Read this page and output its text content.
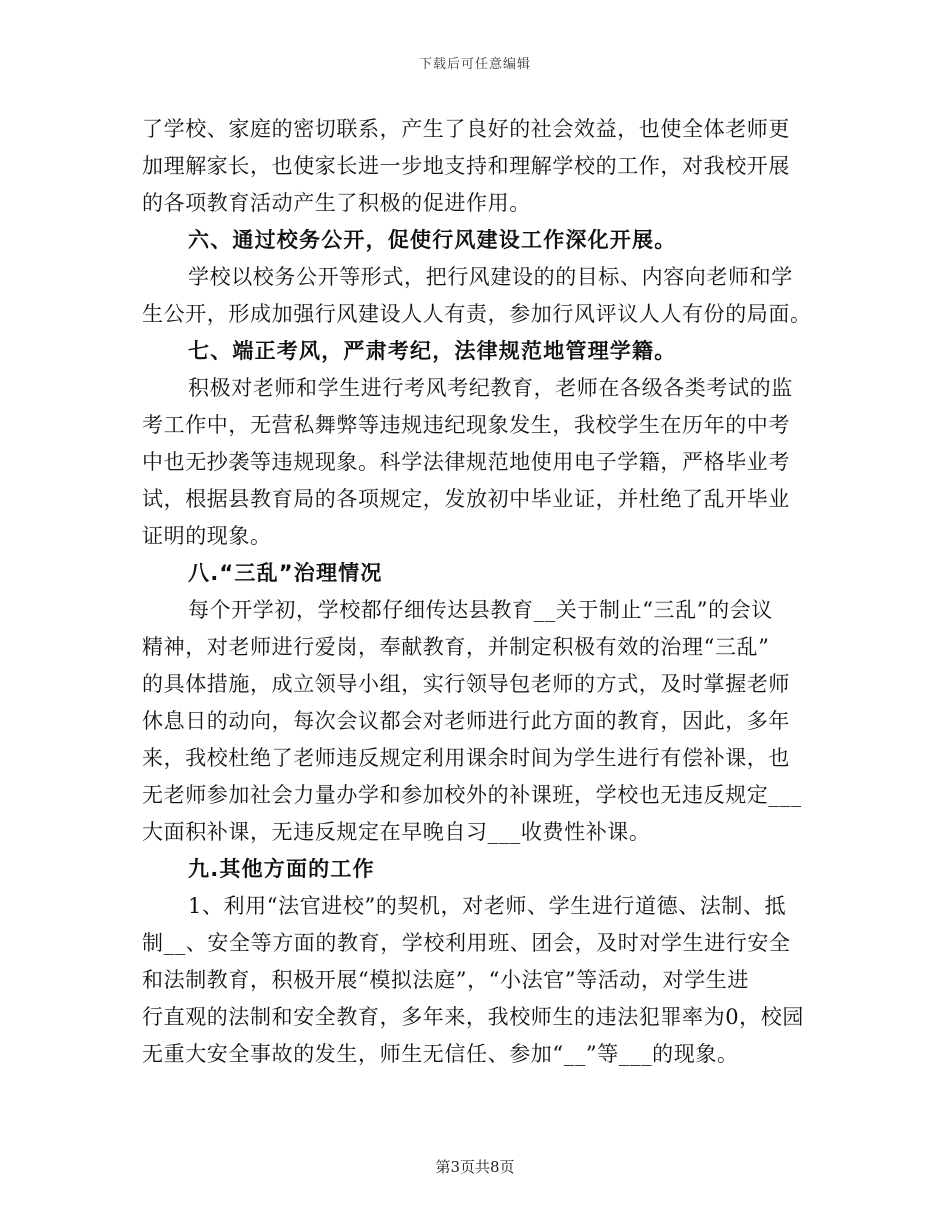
下载后可任意编辑
了学校、家庭的密切联系，产生了良好的社会效益，也使全体老师更
加理解家长，也使家长进一步地支持和理解学校的工作，对我校开展
的各项教育活动产生了积极的促进作用。
六、通过校务公开，促使行风建设工作深化开展。
学校以校务公开等形式，把行风建设的的目标、内容向老师和学
生公开，形成加强行风建设人人有责，参加行风评议人人有份的局面。
七、端正考风，严肃考纪，法律规范地管理学籍。
积极对老师和学生进行考风考纪教育，老师在各级各类考试的监
考工作中，无营私舞弊等违规违纪现象发生，我校学生在历年的中考
中也无抄袭等违规现象。科学法律规范地使用电子学籍，严格毕业考
试，根据县教育局的各项规定，发放初中毕业证，并杜绝了乱开毕业
证明的现象。
八.“三乱”治理情况
每个开学初，学校都仔细传达县教育__关于制止“三乱”的会议
精神，对老师进行爱岗，奉献教育，并制定积极有效的治理“三乱”
的具体措施，成立领导小组，实行领导包老师的方式，及时掌握老师
休息日的动向，每次会议都会对老师进行此方面的教育，因此，多年
来，我校杜绝了老师违反规定利用课余时间为学生进行有偿补课，也
无老师参加社会力量办学和参加校外的补课班，学校也无违反规定___
大面积补课，无违反规定在早晚自习___收费性补课。
九.其他方面的工作
1、利用“法官进校”的契机，对老师、学生进行道德、法制、抵
制__、安全等方面的教育，学校利用班、团会，及时对学生进行安全
和法制教育，积极开展“模拟法庭”，“小法官”等活动，对学生进
行直观的法制和安全教育，多年来，我校师生的违法犯罪率为0，校园
无重大安全事故的发生，师生无信任、参加“__”等___的现象。
第3页共8页
